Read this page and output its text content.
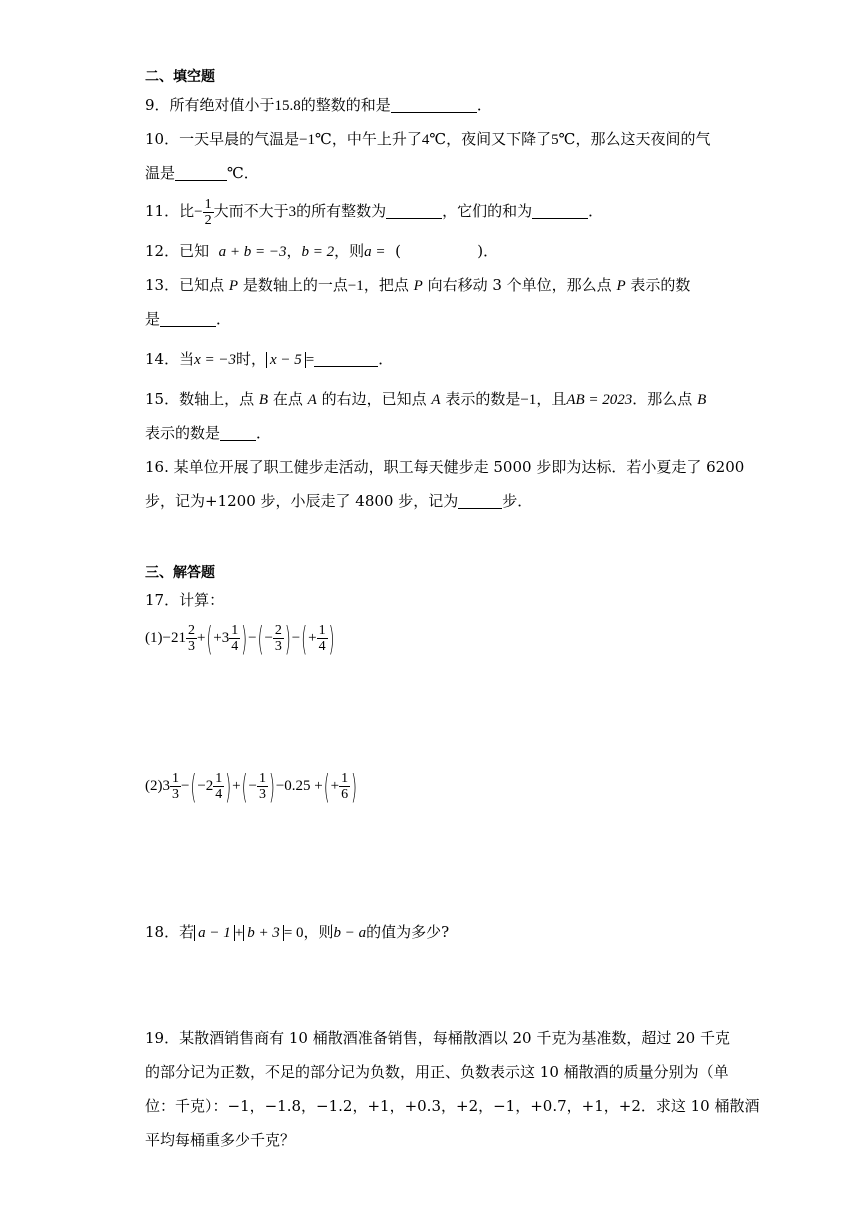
二、填空题
9．所有绝对值小于15.8的整数的和是	．
10．一天早晨的气温是−1℃，中午上升了4℃，夜间又下降了5℃，那么这天夜间的气
温是	℃．
11．比− $\frac{1}{2}$ 大而不大于3的所有整数为	，它们的和为	．
12．已知 a + b = −3，b = 2，则a = (                )．
13．已知点 P 是数轴上的一点−1，把点 P 向右移动 3 个单位，那么点 P 表示的数
是	．
14．当x = −3时， x − 5 =	．
15．数轴上，点 B 在点 A 的右边，已知点 A 表示的数是−1，且AB = 2023．那么点 B
表示的数是 ．
16. 某单位开展了职工健步走活动，职工每天健步走 5000 步即为达标．若小夏走了 6200
步，记为+1200 步，小辰走了 4800 步，记为	步．
三、解答题
17．计算：
$(1)-21 \frac{2}{3} +(+3 \frac{1}{4}$ )−(− $\frac{2}{3}$ )−(+ $\frac{1}{4}$ )
$(2)3 \frac{1}{3} -(-2 \frac{1}{4}$ )+(− $\frac{1}{3} )-0.25$ +(+ $\frac{1}{6}$ )
18．若 a − 1 + b + 3 = 0，则b − a的值为多少?
19．某散酒销售商有 10 桶散酒准备销售，每桶散酒以 20 千克为基准数，超过 20 千克
的部分记为正数，不足的部分记为负数，用正、负数表示这 10 桶散酒的质量分别为（单
位：千克）：−1，−1.8，−1.2，+1，+0.3，+2，−1，+0.7，+1，+2．求这 10 桶散酒
平均每桶重多少千克？
